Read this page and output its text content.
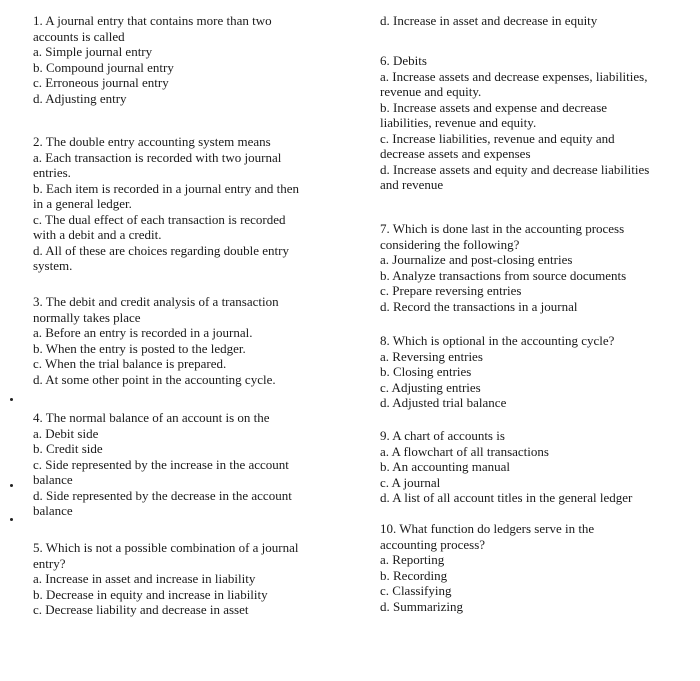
1. A journal entry that contains more than two
accounts is called
a. Simple journal entry
b. Compound journal entry
c. Erroneous journal entry
d. Adjusting entry
2. The double entry accounting system means
a. Each transaction is recorded with two journal
entries.
b. Each item is recorded in a journal entry and then
in a general ledger.
c. The dual effect of each transaction is recorded
with a debit and a credit.
d. All of these are choices regarding double entry
system.
3. The debit and credit analysis of a transaction
normally takes place
a. Before an entry is recorded in a journal.
b. When the entry is posted to the ledger.
c. When the trial balance is prepared.
d. At some other point in the accounting cycle.
4. The normal balance of an account is on the
a. Debit side
b. Credit side
c. Side represented by the increase in the account
balance
d. Side represented by the decrease in the account
balance
5. Which is not a possible combination of a journal
entry?
a. Increase in asset and increase in liability
b. Decrease in equity and increase in liability
c. Decrease liability and decrease in asset
d. Increase in asset and decrease in equity
6. Debits
a. Increase assets and decrease expenses, liabilities,
revenue and equity.
b. Increase assets and expense and decrease
liabilities, revenue and equity.
c. Increase liabilities, revenue and equity and
decrease assets and expenses
d. Increase assets and equity and decrease liabilities
and revenue
7. Which is done last in the accounting process
considering the following?
a. Journalize and post-closing entries
b. Analyze transactions from source documents
c. Prepare reversing entries
d. Record the transactions in a journal
8. Which is optional in the accounting cycle?
a. Reversing entries
b. Closing entries
c. Adjusting entries
d. Adjusted trial balance
9. A chart of accounts is
a. A flowchart of all transactions
b. An accounting manual
c. A journal
d. A list of all account titles in the general ledger
10. What function do ledgers serve in the
accounting process?
a. Reporting
b. Recording
c. Classifying
d. Summarizing
